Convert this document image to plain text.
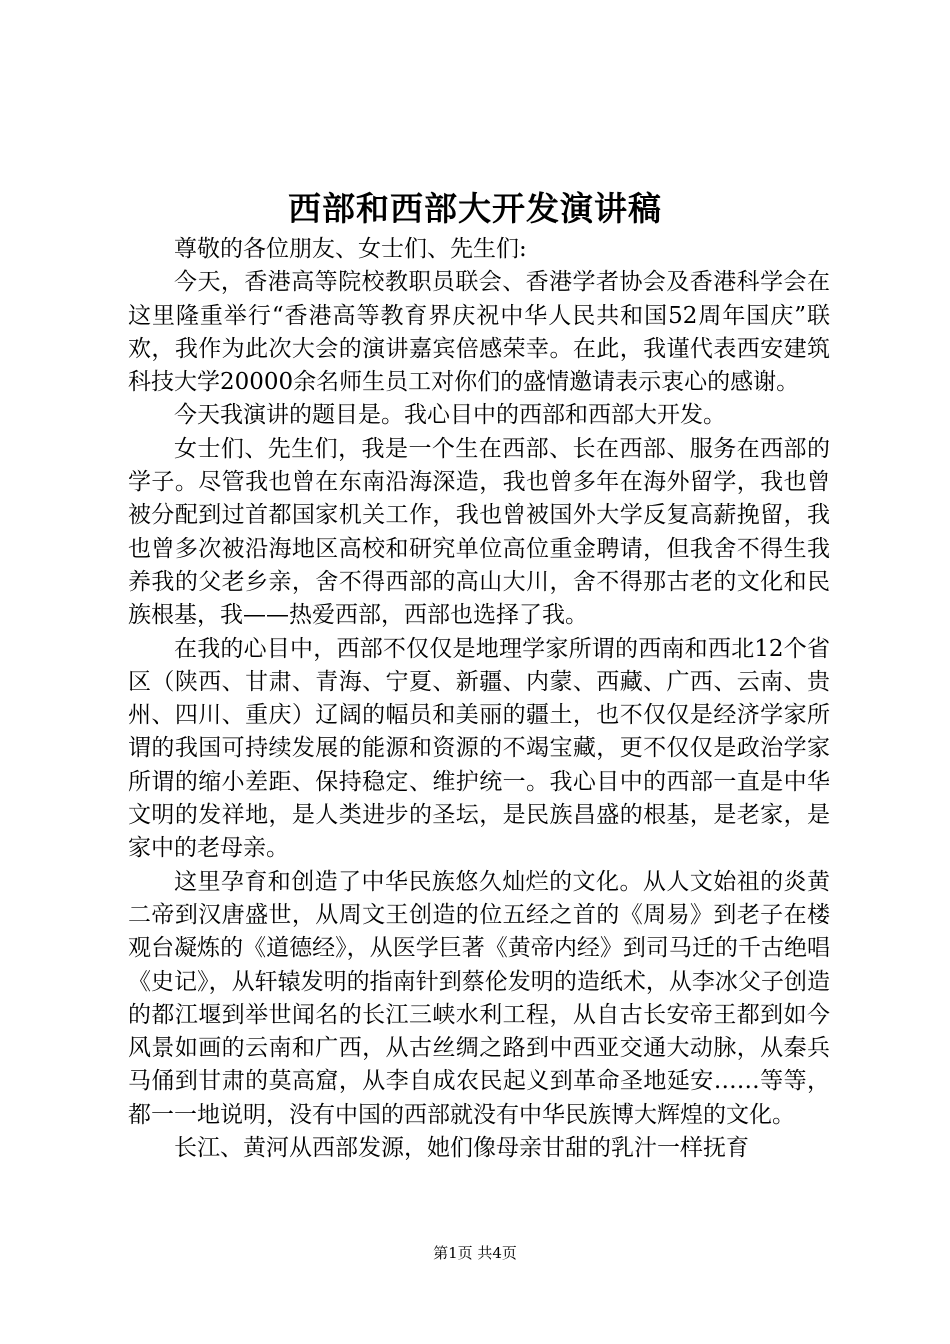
西部和西部大开发演讲稿

尊敬的各位朋友、女士们、先生们:

今天，香港高等院校教职员联会、香港学者协会及香港科学会在这里隆重举行“香港高等教育界庆祝中华人民共和国52周年国庆”联欢，我作为此次大会的演讲嘉宾倍感荣幸。在此，我谨代表西安建筑科技大学20000余名师生员工对你们的盛情邀请表示衷心的感谢。

今天我演讲的题目是。我心目中的西部和西部大开发。

女士们、先生们，我是一个生在西部、长在西部、服务在西部的学子。尽管我也曾在东南沿海深造，我也曾多年在海外留学，我也曾被分配到过首都国家机关工作，我也曾被国外大学反复高薪挽留，我也曾多次被沿海地区高校和研究单位高位重金聘请，但我舍不得生我养我的父老乡亲，舍不得西部的高山大川，舍不得那古老的文化和民族根基，我——热爱西部，西部也选择了我。

在我的心目中，西部不仅仅是地理学家所谓的西南和西北12个省区（陕西、甘肃、青海、宁夏、新疆、内蒙、西藏、广西、云南、贵州、四川、重庆）辽阔的幅员和美丽的疆土，也不仅仅是经济学家所谓的我国可持续发展的能源和资源的不竭宝藏，更不仅仅是政治学家所谓的缩小差距、保持稳定、维护统一。我心目中的西部一直是中华文明的发祥地，是人类进步的圣坛，是民族昌盛的根基，是老家，是家中的老母亲。

这里孕育和创造了中华民族悠久灿烂的文化。从人文始祖的炎黄二帝到汉唐盛世，从周文王创造的位五经之首的《周易》到老子在楼观台凝炼的《道德经》，从医学巨著《黄帝内经》到司马迁的千古绝唱《史记》，从轩辕发明的指南针到蔡伦发明的造纸术，从李冰父子创造的都江堰到举世闻名的长江三峡水利工程，从自古长安帝王都到如今风景如画的云南和广西，从古丝绸之路到中西亚交通大动脉，从秦兵马俑到甘肃的莫高窟，从李自成农民起义到革命圣地延安……等等，都一一地说明，没有中国的西部就没有中华民族博大辉煌的文化。

长江、黄河从西部发源，她们像母亲甘甜的乳汁一样抚育

第1页 共4页
